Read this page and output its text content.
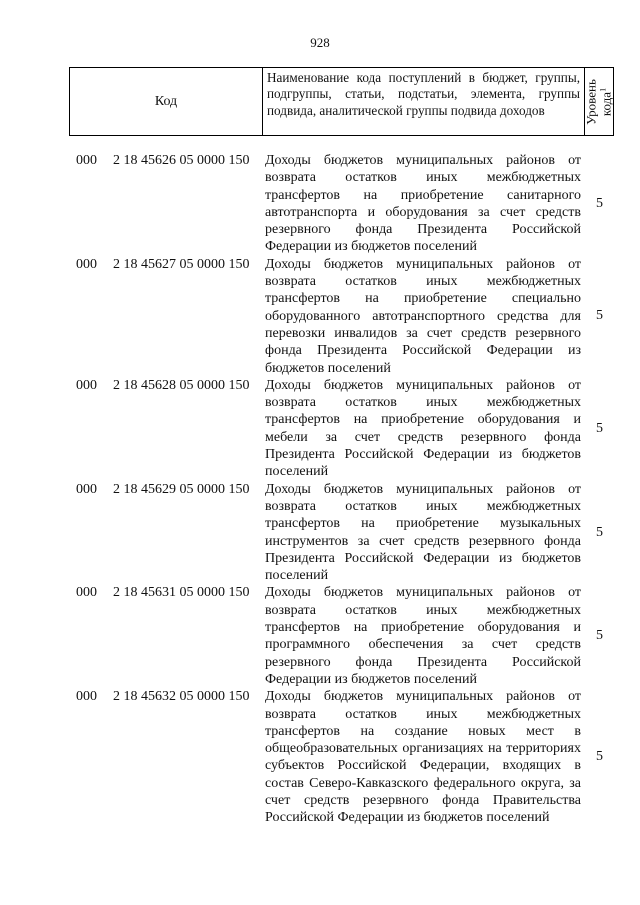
928
Код
Наименование кода поступлений в бюджет, группы, подгруппы, статьи, подстатьи, элемента, группы подвида, аналитической группы подвида доходов	Уровень
кода$^1$
000 2 18 45626 05 0000 150 Доходы бюджетов муниципальных районов от возврата остатков иных межбюджетных трансфертов на приобретение санитарного автотранспорта и оборудования за счет средств резервного фонда Президента Российской Федерации из бюджетов поселений
5
000 2 18 45627 05 0000 150 Доходы бюджетов муниципальных районов от возврата остатков иных межбюджетных трансфертов на приобретение специально оборудованного автотранспортного средства для перевозки инвалидов за счет средств резервного фонда Президента Российской Федерации из бюджетов поселений
5
000 2 18 45628 05 0000 150 Доходы бюджетов муниципальных районов от возврата остатков иных межбюджетных трансфертов на приобретение оборудования и мебели за счет средств резервного фонда Президента Российской Федерации из бюджетов поселений
5
000 2 18 45629 05 0000 150 Доходы бюджетов муниципальных районов от возврата остатков иных межбюджетных трансфертов на приобретение музыкальных инструментов за счет средств резервного фонда Президента Российской Федерации из бюджетов поселений
5
000 2 18 45631 05 0000 150 Доходы бюджетов муниципальных районов от возврата остатков иных межбюджетных трансфертов на приобретение оборудования и программного обеспечения за счет средств резервного фонда Президента Российской Федерации из бюджетов поселений
5
000 2 18 45632 05 0000 150 Доходы бюджетов муниципальных районов от возврата остатков иных межбюджетных трансфертов на создание новых мест в общеобразовательных организациях на территориях субъектов Российской Федерации, входящих в состав Северо-Кавказского федерального округа, за счет средств резервного фонда Правительства Российской Федерации из бюджетов поселений
5
